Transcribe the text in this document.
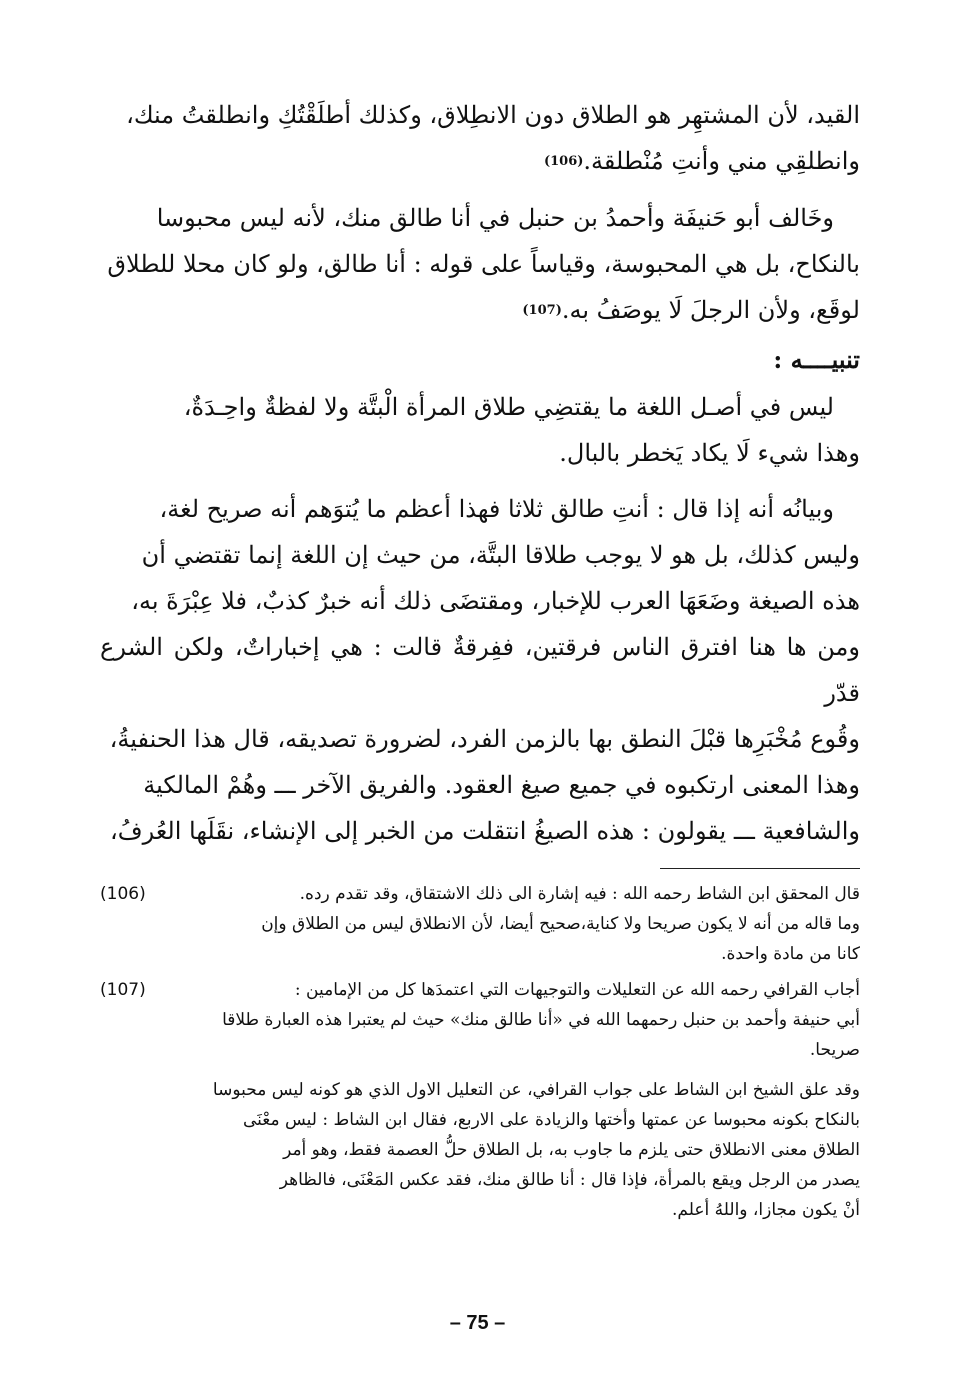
القيد، لأن المشتهِر هو الطلاق دون الانطِلاق، وكذلك أطلَقْتُكِ وانطلقتُ منك،

وانطلقِي مني وأنتِ مُنْطلقة.(106)

وخَالف أبو حَنيفَة وأحمدُ بن حنبل في أنا طالق منك، لأنه ليس محبوسا

بالنكاح، بل هي المحبوسة، وقياساً على قوله : أنا طالق، ولو كان محلا للطلاق

لوقَع، ولأن الرجلَ لَا يوصَفُ به.(107)

تنبيــــه :

ليس في أصـل اللغة ما يقتضِي طلاق المرأة الْبتَّة ولا لفظةٌ واحِـدَةٌ،

وهذا شيء لَا يكاد يَخطر بالبال.

وبيانُه أنه إذا قال : أنتِ طالق ثلاثا فهذا أعظم ما يُتوَهم أنه صريح لغة،

وليس كذلك، بل هو لا يوجب طلاقا البتَّة، من حيث إن اللغة إنما تقتضي أن

هذه الصيغة وضَعَهَا العرب للإخبار، ومقتضَى ذلك أنه خبرٌ كذبٌ، فلا عِبْرَةَ به،

ومن ها هنا افترق الناس فرقتين، ففِرقةٌ قالت : هي إخباراتٌ، ولكن الشرع قدّر

وقُوع مُخْبَرِها قبْلَ النطق بها بالزمن الفرد، لضرورة تصديقه، قال هذا الحنفيةُ،

وهذا المعنى ارتكبوه في جميع صيغ العقود. والفريق الآخر ـــ وهُمْ المالكية

والشافعية ـــ يقولون : هذه الصيغُ انتقلت من الخبر إلى الإنشاء، نقَلَها العُرفُ،

(106)	قال المحقق ابن الشاط رحمه الله : فيه إشارة الى ذلك الاشتقاق، وقد تقدم رده.
وما قاله من أنه لا يكون صريحا ولا كناية،صحيح أيضا، لأن الانطلاق ليس من الطلاق وإن
كانا من مادة واحدة.
(107)	أجاب القرافي رحمه الله عن التعليلات والتوجيهات التي اعتمدَها كل من الإمامين :
أبي حنيفة وأحمد بن حنبل رحمهما الله في «أنا طالق منك» حيث لم يعتبرا هذه العبارة طلاقا
صريحا.
وقد علق الشيخ ابن الشاط على جواب القرافي، عن التعليل الاول الذي هو كونه ليس محبوسا
بالنكاح بكونه محبوسا عن عمتها وأختها والزيادة على الاربع، فقال ابن الشاط : ليس معْنَى
الطلاق معنى الانطلاق حتى يلزم ما جاوب به، بل الطلاق حلُّ العصمة فقط، وهو أمر
يصدر من الرجل ويقع بالمرأة، فإذا قال : أنا طالق منك، فقد عكس المَعْنَى، فالظاهر
أنْ يكون مجازا، واللهُ أعلم.
– 75 –
